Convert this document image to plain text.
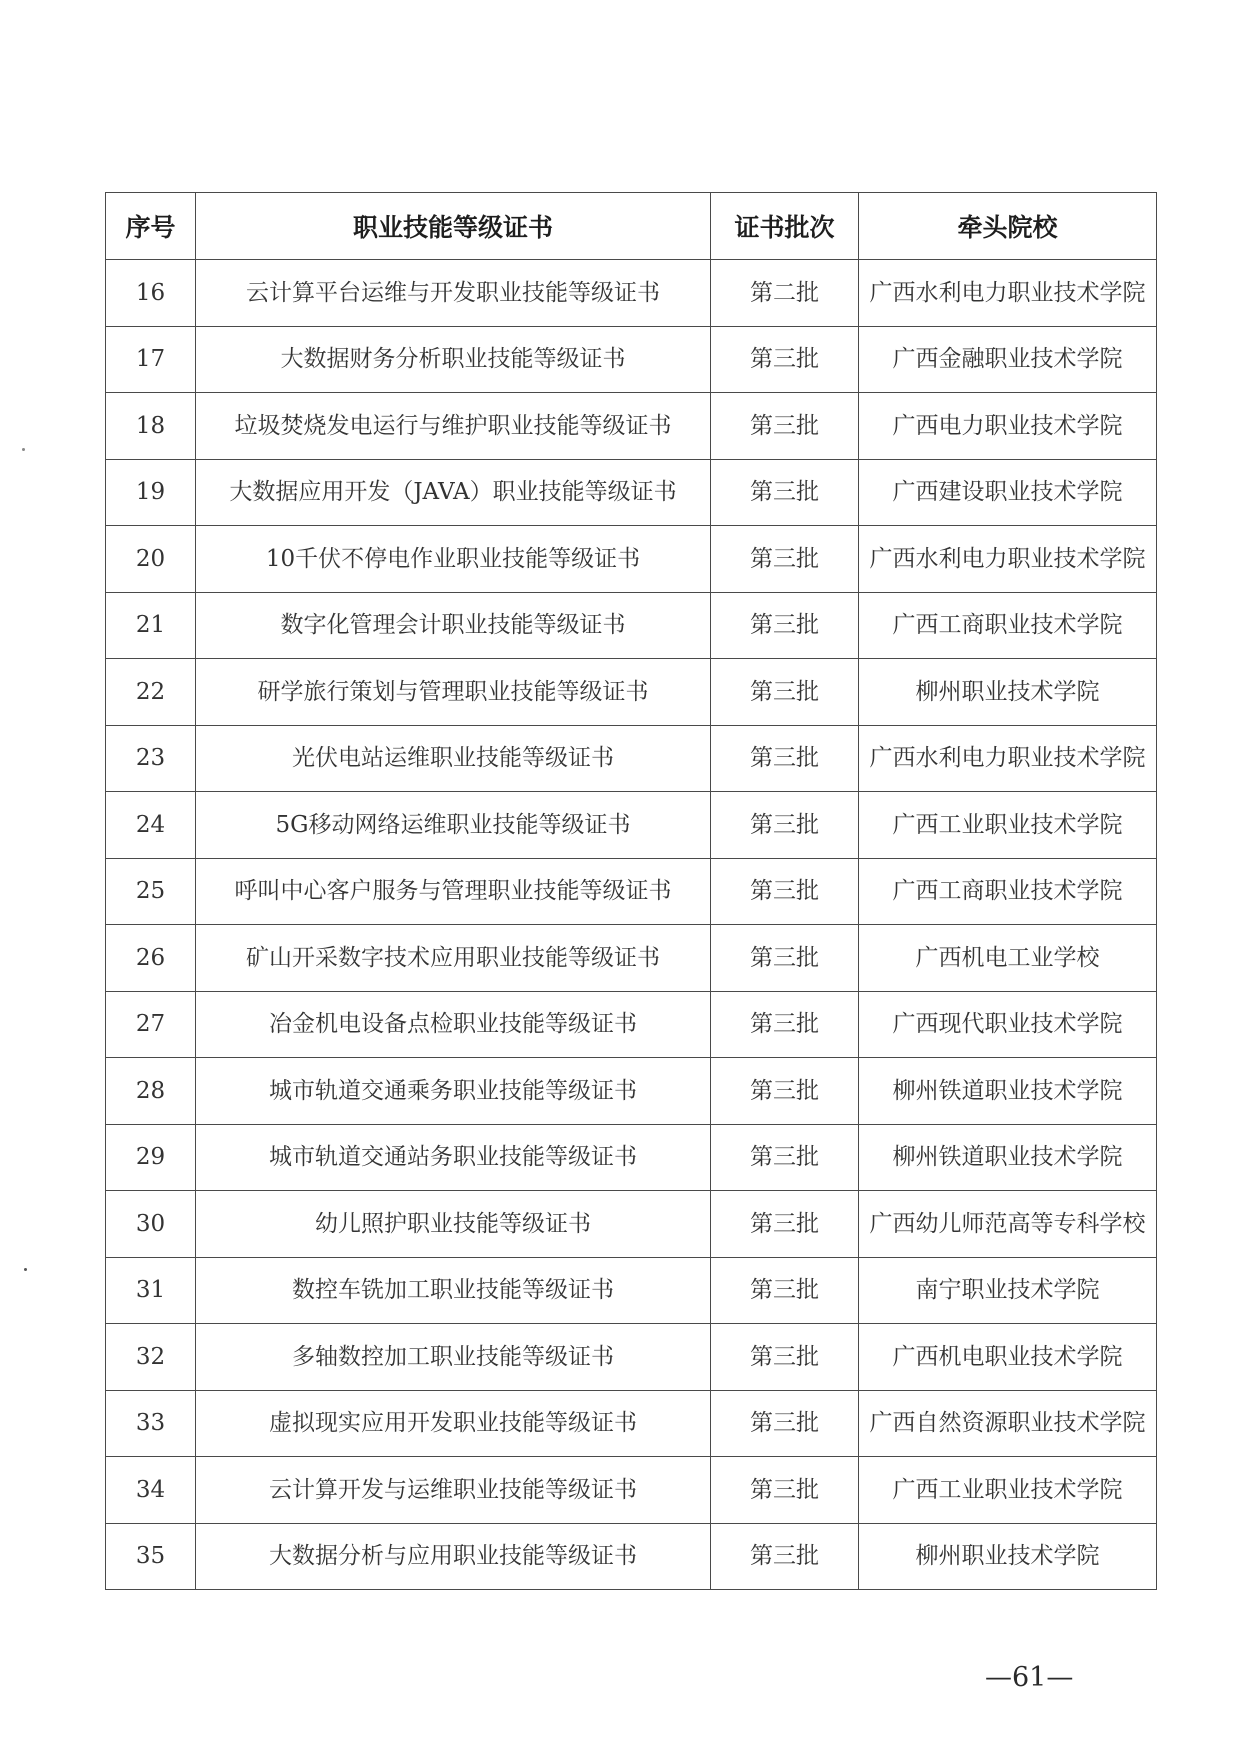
序号	职业技能等级证书	证书批次	牵头院校
16	云计算平台运维与开发职业技能等级证书	第二批	广西水利电力职业技术学院
17	大数据财务分析职业技能等级证书	第三批	广西金融职业技术学院
18	垃圾焚烧发电运行与维护职业技能等级证书	第三批	广西电力职业技术学院
19	大数据应用开发（JAVA）职业技能等级证书	第三批	广西建设职业技术学院
20	10千伏不停电作业职业技能等级证书	第三批	广西水利电力职业技术学院
21	数字化管理会计职业技能等级证书	第三批	广西工商职业技术学院
22	研学旅行策划与管理职业技能等级证书	第三批	柳州职业技术学院
23	光伏电站运维职业技能等级证书	第三批	广西水利电力职业技术学院
24	5G移动网络运维职业技能等级证书	第三批	广西工业职业技术学院
25	呼叫中心客户服务与管理职业技能等级证书	第三批	广西工商职业技术学院
26	矿山开采数字技术应用职业技能等级证书	第三批	广西机电工业学校
27	冶金机电设备点检职业技能等级证书	第三批	广西现代职业技术学院
28	城市轨道交通乘务职业技能等级证书	第三批	柳州铁道职业技术学院
29	城市轨道交通站务职业技能等级证书	第三批	柳州铁道职业技术学院
30	幼儿照护职业技能等级证书	第三批	广西幼儿师范高等专科学校
31	数控车铣加工职业技能等级证书	第三批	南宁职业技术学院
32	多轴数控加工职业技能等级证书	第三批	广西机电职业技术学院
33	虚拟现实应用开发职业技能等级证书	第三批	广西自然资源职业技术学院
34	云计算开发与运维职业技能等级证书	第三批	广西工业职业技术学院
35	大数据分析与应用职业技能等级证书	第三批	柳州职业技术学院
—61—
